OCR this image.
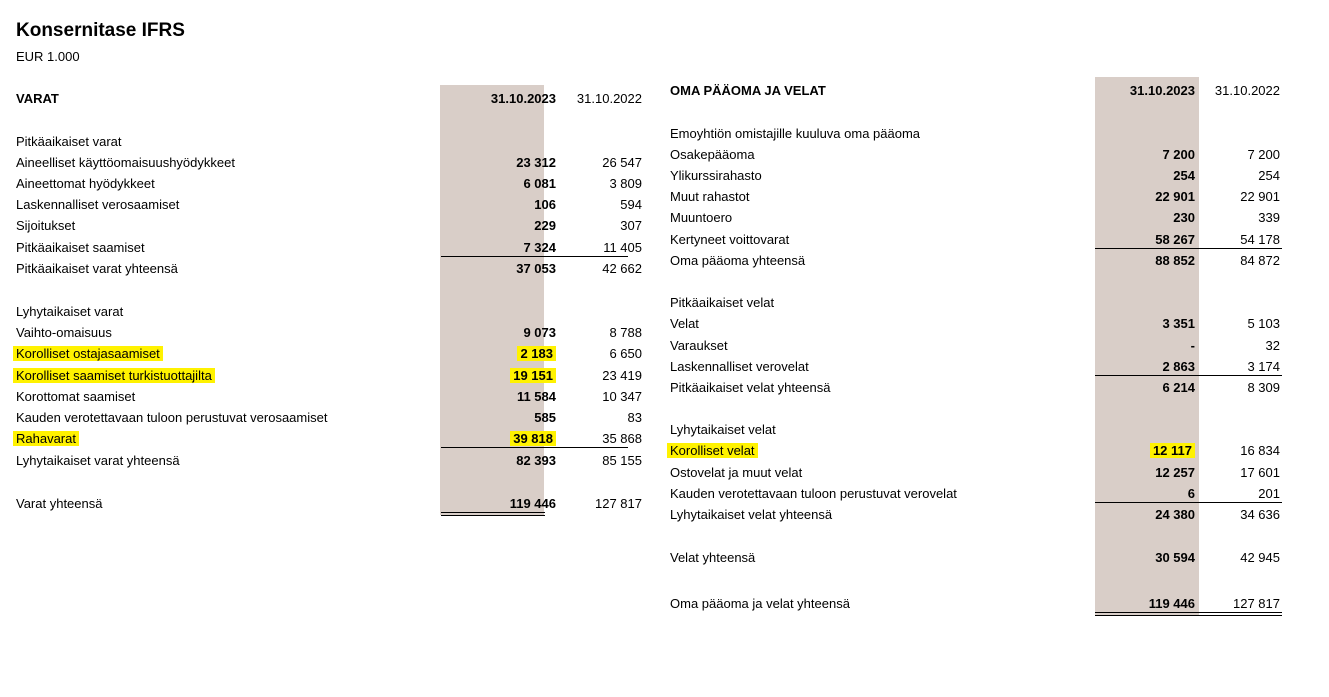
Konsernitase IFRS
EUR 1.000
VARAT	31.10.2023	31.10.2022
Pitkäaikaiset varat
Aineelliset käyttöomaisuushyödykkeet	23 312	26 547
Aineettomat hyödykkeet	6 081	3 809
Laskennalliset verosaamiset	106	594
Sijoitukset	229	307
Pitkäaikaiset saamiset	7 324	11 405
Pitkäaikaiset varat yhteensä	37 053	42 662
Lyhytaikaiset varat
Vaihto-omaisuus	9 073	8 788
Korolliset ostajasaamiset	2 183	6 650
Korolliset saamiset turkistuottajilta	19 151	23 419
Korottomat saamiset	11 584	10 347
Kauden verotettavaan tuloon perustuvat verosaamiset	585	83
Rahavarat	39 818	35 868
Lyhytaikaiset varat yhteensä	82 393	85 155
Varat yhteensä	119 446	127 817
OMA PÄÄOMA JA VELAT	31.10.2023	31.10.2022
Emoyhtiön omistajille kuuluva oma pääoma
Osakepääoma	7 200	7 200
Ylikurssirahasto	254	254
Muut rahastot	22 901	22 901
Muuntoero	230	339
Kertyneet voittovarat	58 267	54 178
Oma pääoma yhteensä	88 852	84 872
Pitkäaikaiset velat
Velat	3 351	5 103
Varaukset	-	32
Laskennalliset verovelat	2 863	3 174
Pitkäaikaiset velat yhteensä	6 214	8 309
Lyhytaikaiset velat
Korolliset velat	12 117	16 834
Ostovelat ja muut velat	12 257	17 601
Kauden verotettavaan tuloon perustuvat verovelat	6	201
Lyhytaikaiset velat yhteensä	24 380	34 636
Velat yhteensä	30 594	42 945
Oma pääoma ja velat yhteensä	119 446	127 817
